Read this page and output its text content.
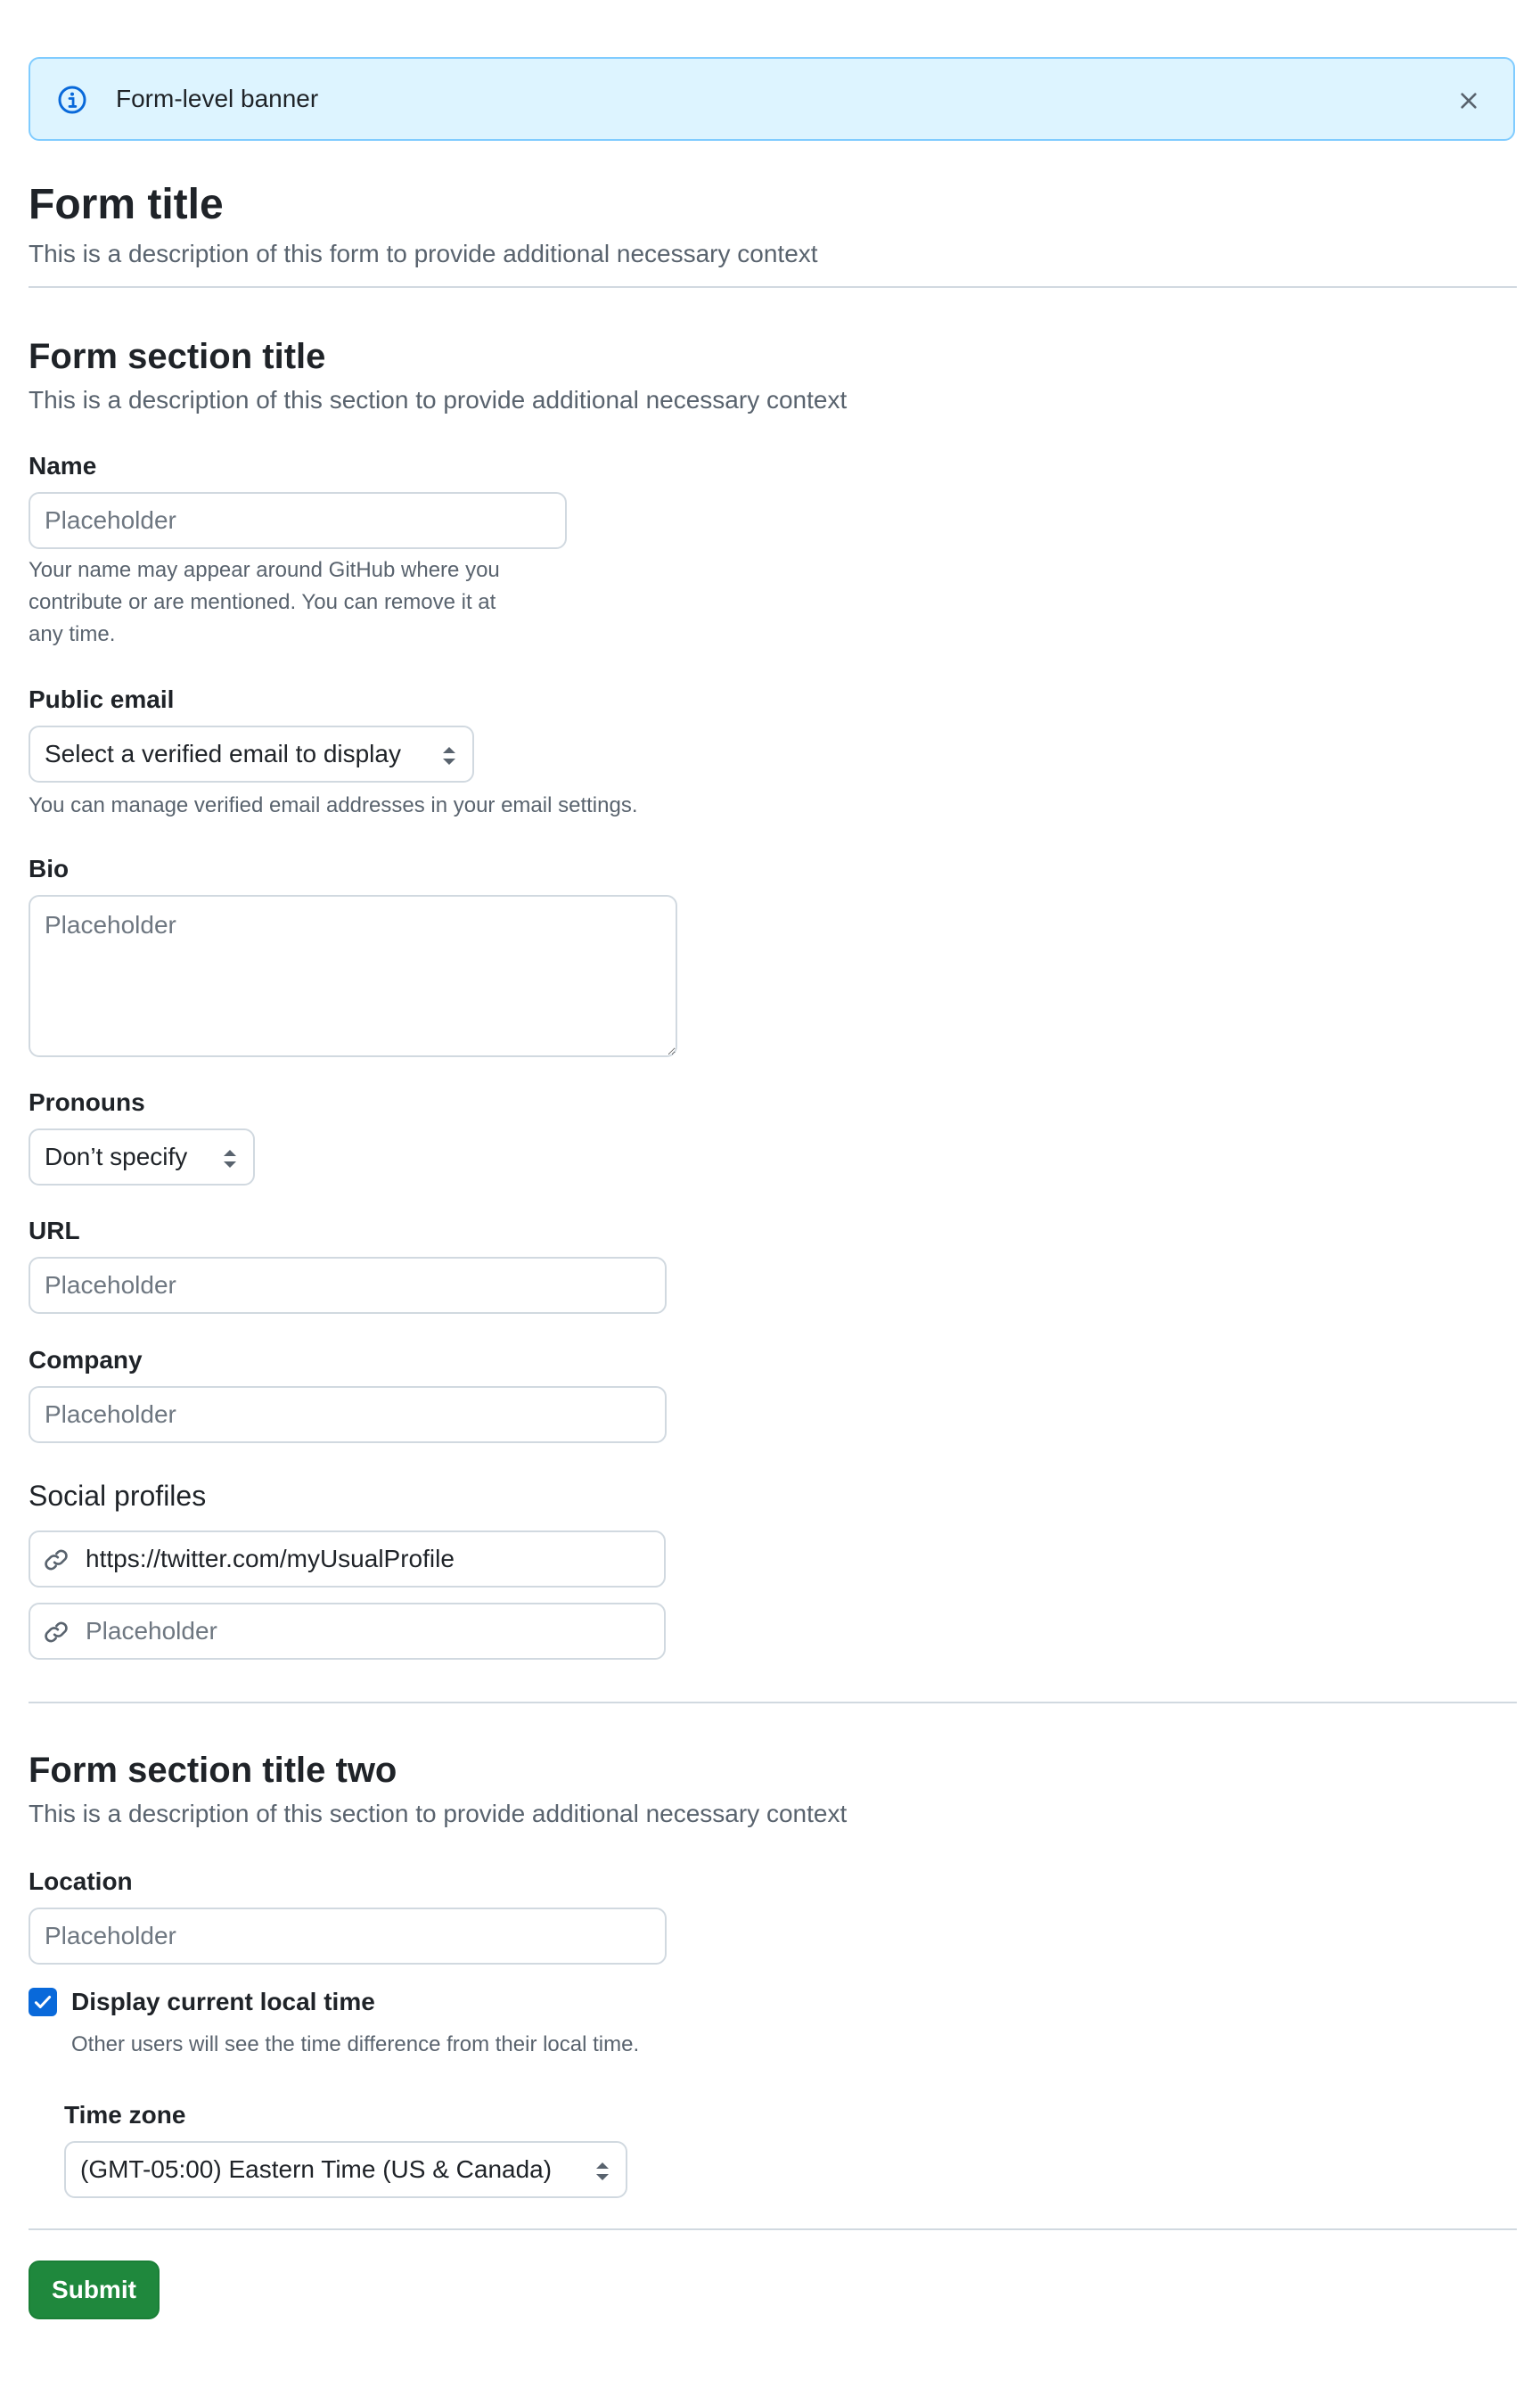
Form-level banner
Form title
This is a description of this form to provide additional necessary context
Form section title
This is a description of this section to provide additional necessary context
Name
Placeholder
Your name may appear around GitHub where you
contribute or are mentioned. You can remove it at
any time.
Public email
Select a verified email to display
You can manage verified email addresses in your email settings.
Bio
Placeholder
Pronouns
Don’t specify
URL
Placeholder
Company
Placeholder
Social profiles
https://twitter.com/myUsualProfile
Placeholder
Form section title two
This is a description of this section to provide additional necessary context
Location
Placeholder
Display current local time
Other users will see the time difference from their local time.
Time zone
(GMT-05:00) Eastern Time (US & Canada)
Submit
